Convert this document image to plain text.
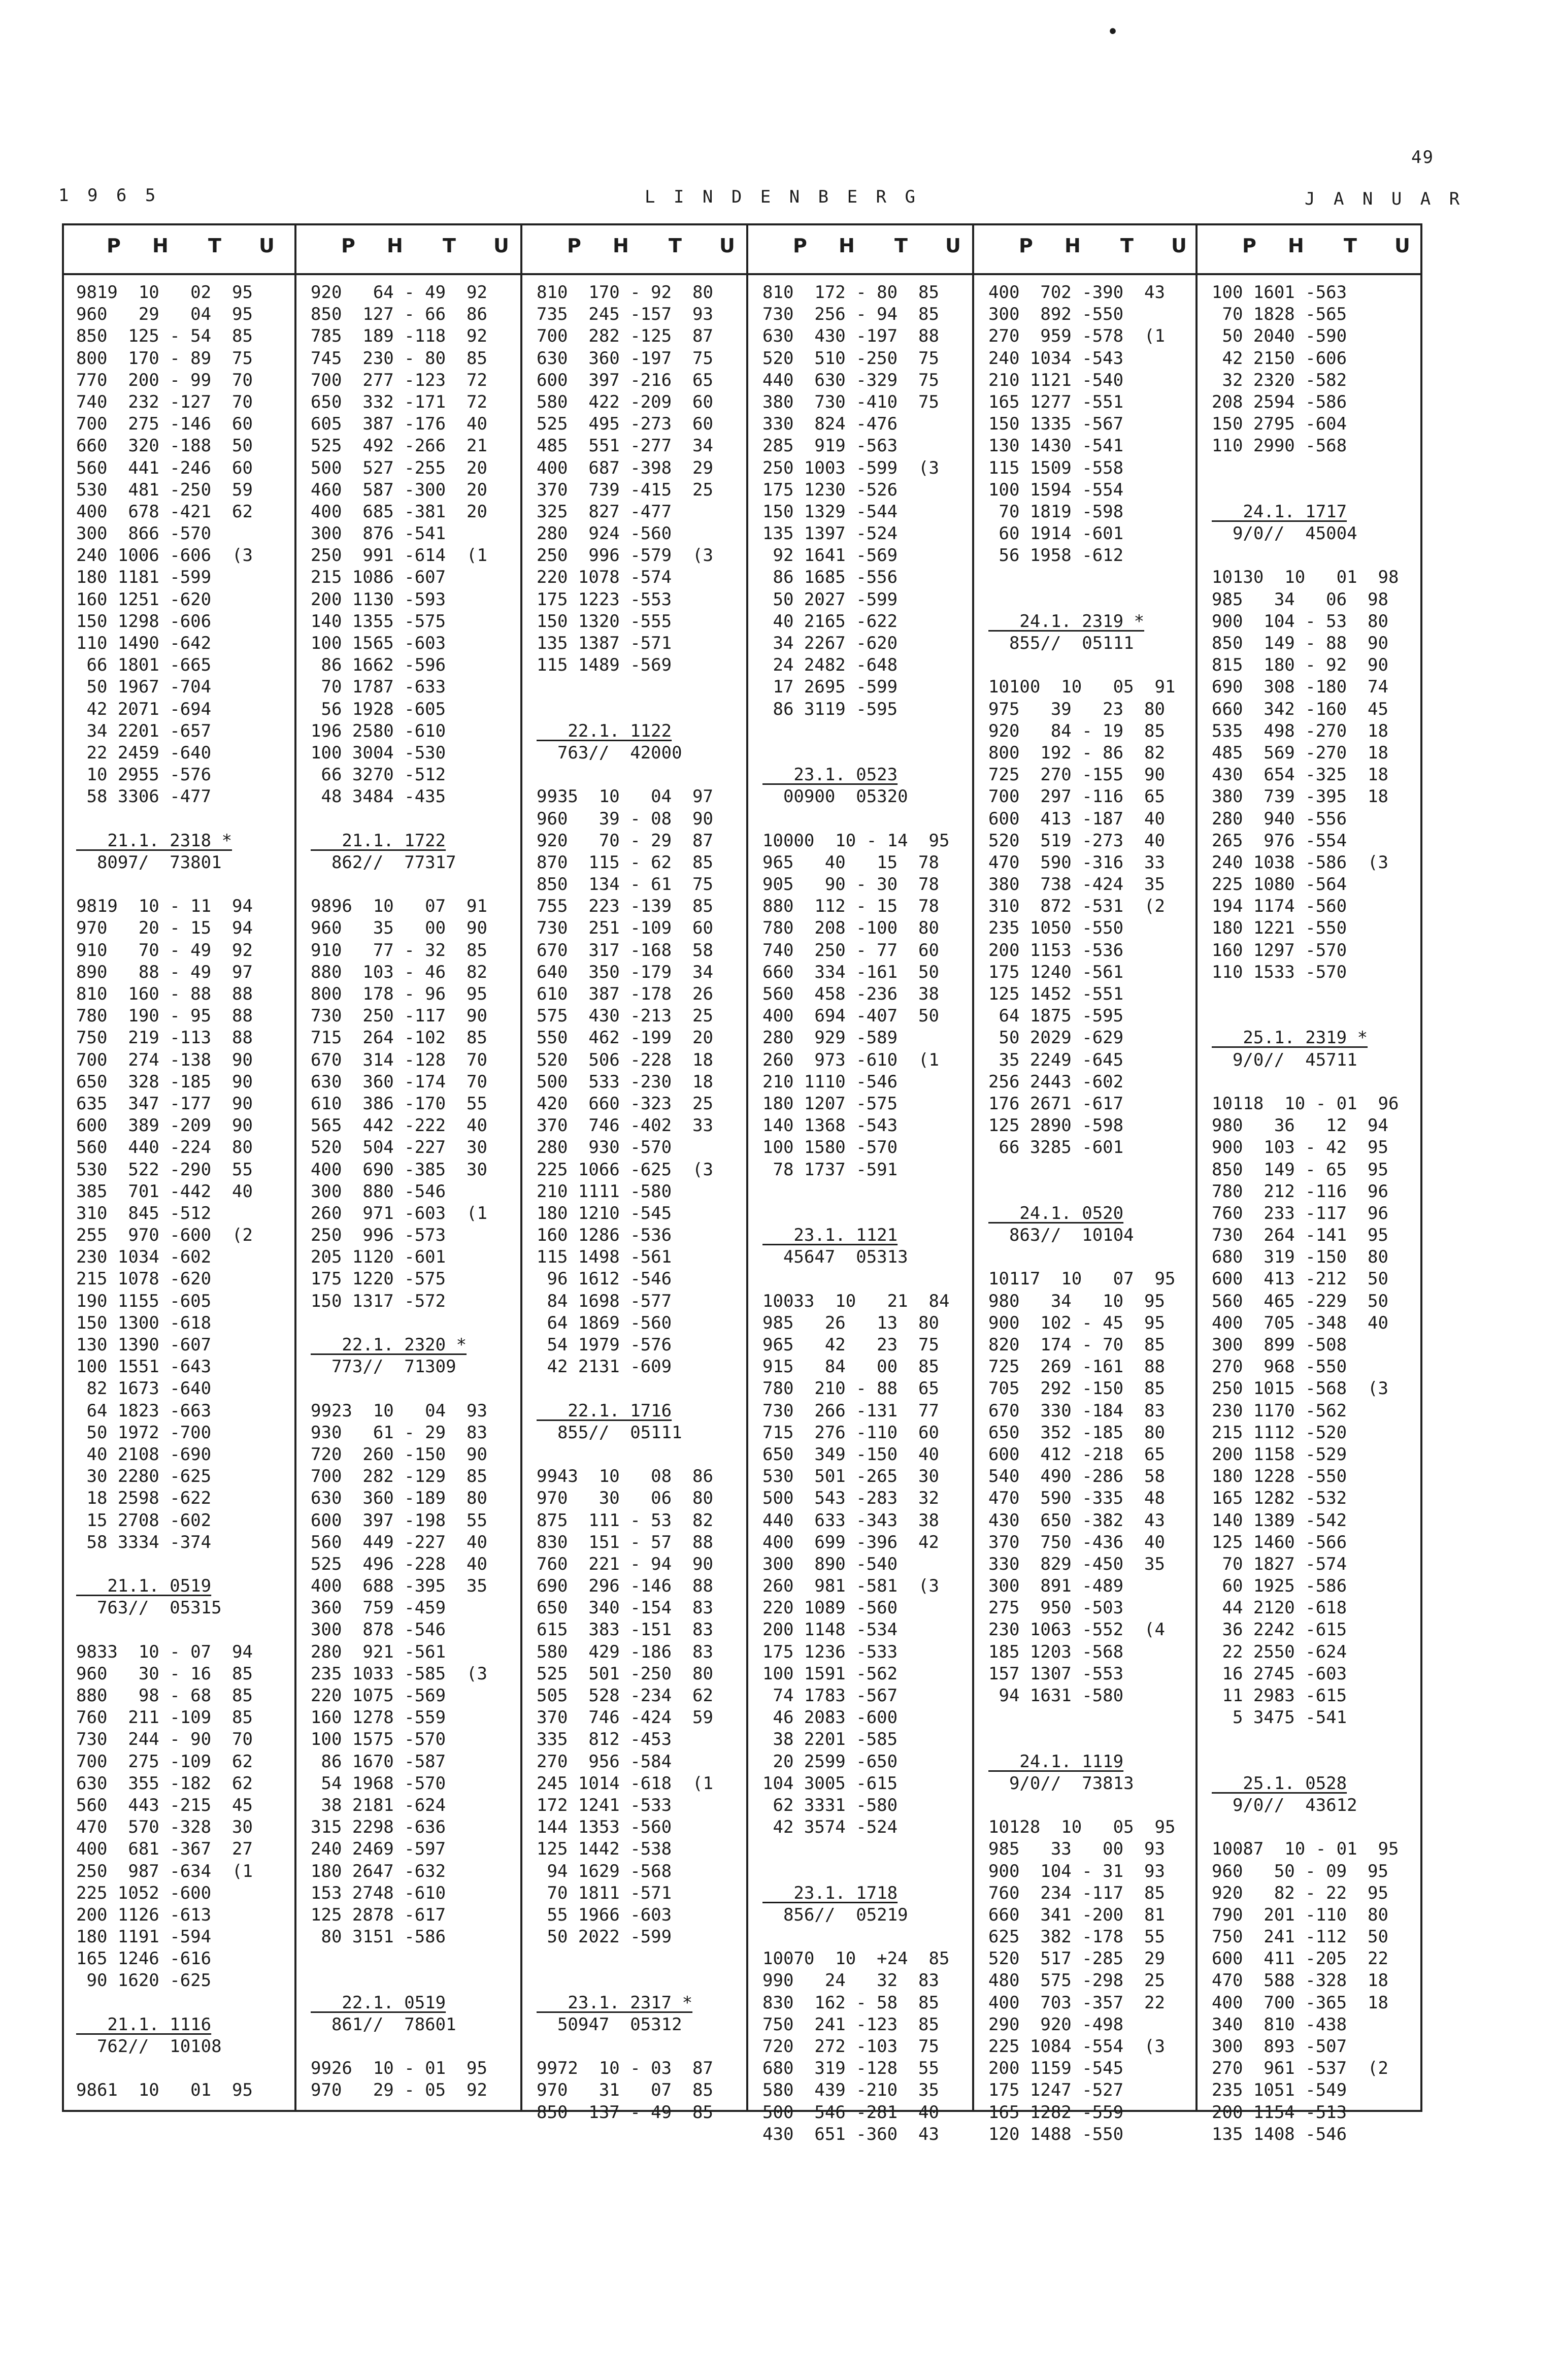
49
1 9 6 5	L I N D E N B E R G	J A N U A R
P H T U	P H T U	P H T U	P H T U	P H T U	P H T U
9819  10   02  95
960   29   04  95
850  125 - 54  85
800  170 - 89  75
770  200 - 99  70
740  232 -127  70
700  275 -146  60
660  320 -188  50
560  441 -246  60
530  481 -250  59
400  678 -421  62
300  866 -570
240 1006 -606  (3
180 1181 -599
160 1251 -620
150 1298 -606
110 1490 -642
66 1801 -665
50 1967 -704
42 2071 -694
34 2201 -657
22 2459 -640
10 2955 -576
58 3306 -477
21.1. 2318 *
8097/  73801
9819  10 - 11  94
970   20 - 15  94
910   70 - 49  92
890   88 - 49  97
810  160 - 88  88
780  190 - 95  88
750  219 -113  88
700  274 -138  90
650  328 -185  90
635  347 -177  90
600  389 -209  90
560  440 -224  80
530  522 -290  55
385  701 -442  40
310  845 -512
255  970 -600  (2
230 1034 -602
215 1078 -620
190 1155 -605
150 1300 -618
130 1390 -607
100 1551 -643
82 1673 -640
64 1823 -663
50 1972 -700
40 2108 -690
30 2280 -625
18 2598 -622
15 2708 -602
58 3334 -374
21.1. 0519
763//  05315
9833  10 - 07  94
960   30 - 16  85
880   98 - 68  85
760  211 -109  85
730  244 - 90  70
700  275 -109  62
630  355 -182  62
560  443 -215  45
470  570 -328  30
400  681 -367  27
250  987 -634  (1
225 1052 -600
200 1126 -613
180 1191 -594
165 1246 -616
90 1620 -625
21.1. 1116
762//  10108
9861  10   01  95
920   64 - 49  92
850  127 - 66  86
785  189 -118  92
745  230 - 80  85
700  277 -123  72
650  332 -171  72
605  387 -176  40
525  492 -266  21
500  527 -255  20
460  587 -300  20
400  685 -381  20
300  876 -541
250  991 -614  (1
215 1086 -607
200 1130 -593
140 1355 -575
100 1565 -603
86 1662 -596
70 1787 -633
56 1928 -605
196 2580 -610
100 3004 -530
66 3270 -512
48 3484 -435
21.1. 1722
862//  77317
9896  10   07  91
960   35   00  90
910   77 - 32  85
880  103 - 46  82
800  178 - 96  95
730  250 -117  90
715  264 -102  85
670  314 -128  70
630  360 -174  70
610  386 -170  55
565  442 -222  40
520  504 -227  30
400  690 -385  30
300  880 -546
260  971 -603  (1
250  996 -573
205 1120 -601
175 1220 -575
150 1317 -572
22.1. 2320 *
773//  71309
9923  10   04  93
930   61 - 29  83
720  260 -150  90
700  282 -129  85
630  360 -189  80
600  397 -198  55
560  449 -227  40
525  496 -228  40
400  688 -395  35
360  759 -459
300  878 -546
280  921 -561
235 1033 -585  (3
220 1075 -569
160 1278 -559
100 1575 -570
86 1670 -587
54 1968 -570
38 2181 -624
315 2298 -636
240 2469 -597
180 2647 -632
153 2748 -610
125 2878 -617
80 3151 -586
22.1. 0519
861//  78601
9926  10 - 01  95
970   29 - 05  92
810  170 - 92  80
735  245 -157  93
700  282 -125  87
630  360 -197  75
600  397 -216  65
580  422 -209  60
525  495 -273  60
485  551 -277  34
400  687 -398  29
370  739 -415  25
325  827 -477
280  924 -560
250  996 -579  (3
220 1078 -574
175 1223 -553
150 1320 -555
135 1387 -571
115 1489 -569
22.1. 1122
763//  42000
9935  10   04  97
960   39 - 08  90
920   70 - 29  87
870  115 - 62  85
850  134 - 61  75
755  223 -139  85
730  251 -109  60
670  317 -168  58
640  350 -179  34
610  387 -178  26
575  430 -213  25
550  462 -199  20
520  506 -228  18
500  533 -230  18
420  660 -323  25
370  746 -402  33
280  930 -570
225 1066 -625  (3
210 1111 -580
180 1210 -545
160 1286 -536
115 1498 -561
96 1612 -546
84 1698 -577
64 1869 -560
54 1979 -576
42 2131 -609
22.1. 1716
855//  05111
9943  10   08  86
970   30   06  80
875  111 - 53  82
830  151 - 57  88
760  221 - 94  90
690  296 -146  88
650  340 -154  83
615  383 -151  83
580  429 -186  83
525  501 -250  80
505  528 -234  62
370  746 -424  59
335  812 -453
270  956 -584
245 1014 -618  (1
172 1241 -533
144 1353 -560
125 1442 -538
94 1629 -568
70 1811 -571
55 1966 -603
50 2022 -599
23.1. 2317 *
50947  05312
9972  10 - 03  87
970   31   07  85
850  137 - 49  85
810  172 - 80  85
730  256 - 94  85
630  430 -197  88
520  510 -250  75
440  630 -329  75
380  730 -410  75
330  824 -476
285  919 -563
250 1003 -599  (3
175 1230 -526
150 1329 -544
135 1397 -524
92 1641 -569
86 1685 -556
50 2027 -599
40 2165 -622
34 2267 -620
24 2482 -648
17 2695 -599
86 3119 -595
23.1. 0523
00900  05320
10000  10 - 14  95
965   40   15  78
905   90 - 30  78
880  112 - 15  78
780  208 -100  80
740  250 - 77  60
660  334 -161  50
560  458 -236  38
400  694 -407  50
280  929 -589
260  973 -610  (1
210 1110 -546
180 1207 -575
140 1368 -543
100 1580 -570
78 1737 -591
23.1. 1121
45647  05313
10033  10   21  84
985   26   13  80
965   42   23  75
915   84   00  85
780  210 - 88  65
730  266 -131  77
715  276 -110  60
650  349 -150  40
530  501 -265  30
500  543 -283  32
440  633 -343  38
400  699 -396  42
300  890 -540
260  981 -581  (3
220 1089 -560
200 1148 -534
175 1236 -533
100 1591 -562
74 1783 -567
46 2083 -600
38 2201 -585
20 2599 -650
104 3005 -615
62 3331 -580
42 3574 -524
23.1. 1718
856//  05219
10070  10  +24  85
990   24   32  83
830  162 - 58  85
750  241 -123  85
720  272 -103  75
680  319 -128  55
580  439 -210  35
500  546 -281  40
430  651 -360  43
400  702 -390  43
300  892 -550
270  959 -578  (1
240 1034 -543
210 1121 -540
165 1277 -551
150 1335 -567
130 1430 -541
115 1509 -558
100 1594 -554
70 1819 -598
60 1914 -601
56 1958 -612
24.1. 2319 *
855//  05111
10100  10   05  91
975   39   23  80
920   84 - 19  85
800  192 - 86  82
725  270 -155  90
700  297 -116  65
600  413 -187  40
520  519 -273  40
470  590 -316  33
380  738 -424  35
310  872 -531  (2
235 1050 -550
200 1153 -536
175 1240 -561
125 1452 -551
64 1875 -595
50 2029 -629
35 2249 -645
256 2443 -602
176 2671 -617
125 2890 -598
66 3285 -601
24.1. 0520
863//  10104
10117  10   07  95
980   34   10  95
900  102 - 45  95
820  174 - 70  85
725  269 -161  88
705  292 -150  85
670  330 -184  83
650  352 -185  80
600  412 -218  65
540  490 -286  58
470  590 -335  48
430  650 -382  43
370  750 -436  40
330  829 -450  35
300  891 -489
275  950 -503
230 1063 -552  (4
185 1203 -568
157 1307 -553
94 1631 -580
24.1. 1119
9/0//  73813
10128  10   05  95
985   33   00  93
900  104 - 31  93
760  234 -117  85
660  341 -200  81
625  382 -178  55
520  517 -285  29
480  575 -298  25
400  703 -357  22
290  920 -498
225 1084 -554  (3
200 1159 -545
175 1247 -527
165 1282 -559
120 1488 -550
100 1601 -563
70 1828 -565
50 2040 -590
42 2150 -606
32 2320 -582
208 2594 -586
150 2795 -604
110 2990 -568
24.1. 1717
9/0//  45004
10130  10   01  98
985   34   06  98
900  104 - 53  80
850  149 - 88  90
815  180 - 92  90
690  308 -180  74
660  342 -160  45
535  498 -270  18
485  569 -270  18
430  654 -325  18
380  739 -395  18
280  940 -556
265  976 -554
240 1038 -586  (3
225 1080 -564
194 1174 -560
180 1221 -550
160 1297 -570
110 1533 -570
25.1. 2319 *
9/0//  45711
10118  10 - 01  96
980   36   12  94
900  103 - 42  95
850  149 - 65  95
780  212 -116  96
760  233 -117  96
730  264 -141  95
680  319 -150  80
600  413 -212  50
560  465 -229  50
400  705 -348  40
300  899 -508
270  968 -550
250 1015 -568  (3
230 1170 -562
215 1112 -520
200 1158 -529
180 1228 -550
165 1282 -532
140 1389 -542
125 1460 -566
70 1827 -574
60 1925 -586
44 2120 -618
36 2242 -615
22 2550 -624
16 2745 -603
11 2983 -615
5 3475 -541
25.1. 0528
9/0//  43612
10087  10 - 01  95
960   50 - 09  95
920   82 - 22  95
790  201 -110  80
750  241 -112  50
600  411 -205  22
470  588 -328  18
400  700 -365  18
340  810 -438
300  893 -507
270  961 -537  (2
235 1051 -549
200 1154 -513
135 1408 -546
•
